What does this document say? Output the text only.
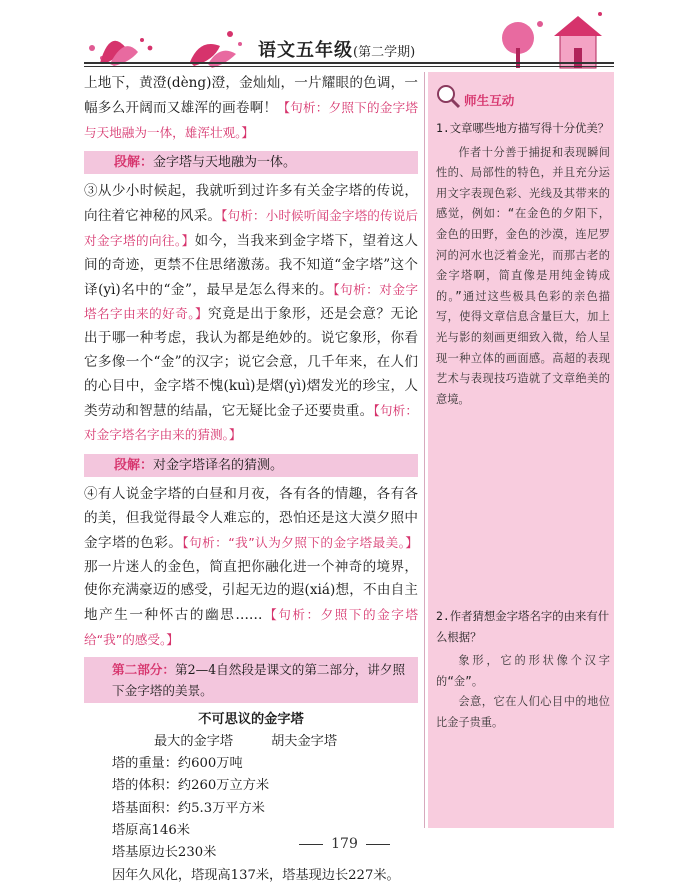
语文五年级(第二学期)
师生互动
1.文章哪些地方描写得十分优美？
作者十分善于捕捉和表现瞬间性的、局部性的特色，并且充分运用文字表现色彩、光线及其带来的感觉，例如：“在金色的夕阳下，金色的田野，金色的沙漠，连尼罗河的河水也泛着金光，而那古老的金字塔啊，简直像是用纯金铸成的。”通过这些极具色彩的亲色描写，使得文章信息含量巨大，加上光与影的刻画更细致入微，给人呈现一种立体的画面感。高超的表现艺术与表现技巧造就了文章绝美的意境。
2.作者猜想金字塔名字的由来有什么根据？
象形，它的形状像个汉字的“金”。
会意，它在人们心目中的地位比金子贵重。

上地下，黄澄(dèng)澄，金灿灿，一片耀眼的色调，一幅多么开阔而又雄浑的画卷啊！【句析：夕照下的金字塔与天地融为一体，雄浑壮观。】

段解：金字塔与天地融为一体。

③从少小时候起，我就听到过许多有关金字塔的传说，向往着它神秘的风采。【句析：小时候听闻金字塔的传说后对金字塔的向往。】如今，当我来到金字塔下，望着这人间的奇迹，更禁不住思绪激荡。我不知道“金字塔”这个译(yì)名中的“金”，最早是怎么得来的。【句析：对金字塔名字由来的好奇。】究竟是出于象形，还是会意？无论出于哪一种考虑，我认为都是绝妙的。说它象形，你看它多像一个“金”的汉字；说它会意，几千年来，在人们的心目中，金字塔不愧(kuì)是熠(yì)熠发光的珍宝，人类劳动和智慧的结晶，它无疑比金子还要贵重。【句析：对金字塔名字由来的猜测。】

段解：对金字塔译名的猜测。

④有人说金字塔的白昼和月夜，各有各的情趣，各有各的美，但我觉得最令人难忘的，恐怕还是这大漠夕照中金字塔的色彩。【句析：“我”认为夕照下的金字塔最美。】那一片迷人的金色，简直把你融化进一个神奇的境界，使你充满豪迈的感受，引起无边的遐(xiá)想，不由自主地产生一种怀古的幽思……【句析：夕照下的金字塔给“我”的感受。】

第二部分：第2—4自然段是课文的第二部分，讲夕照下金字塔的美景。
不可思议的金字塔
最大的金字塔	胡夫金字塔
塔的重量：约600万吨
塔的体积：约260万立方米
塔基面积：约5.3万平方米
塔原高146米
塔基原边长230米
因年久风化，塔现高137米，塔基现边长227米。
179
